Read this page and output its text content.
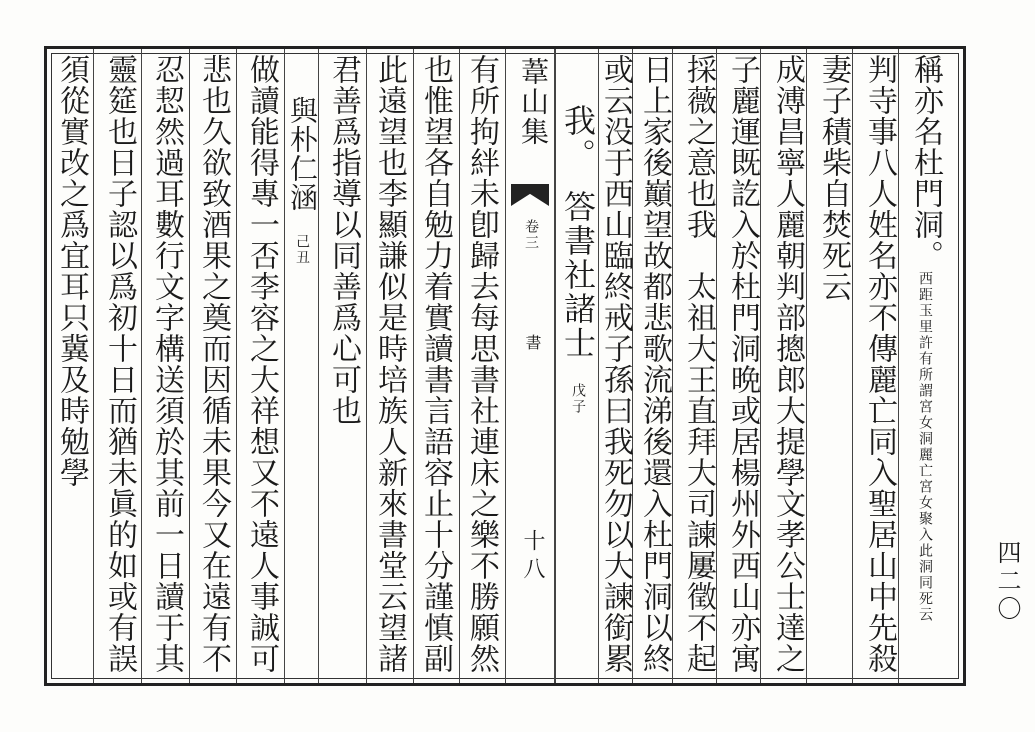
稱亦名杜門洞。西距玉里許有所謂宮女洞麗亡宮女聚入此洞同死云
判寺事八人姓名亦不傳麗亡同入聖居山中先殺
妻子積柴自焚死云
成溥昌寧人麗朝判部摠郎大提學文孝公士達之
子麗運既訖入於杜門洞晩或居楊州外西山亦寓
採薇之意也我　太祖大王直拜大司諫屢徵不起
日上家後巔望故都悲歌流涕後還入杜門洞以終
或云没于西山臨終戒子孫曰我死勿以大諫銜累
我。　答書社諸士 戊子
葦山集
卷三
書
十八
有所拘絆未卽歸去每思書社連床之樂不勝願然
也惟望各自勉力着實讀書言語容止十分謹慎副
此遠望也李顯謙似是時培族人新來書堂云望諸
君善爲指導以同善爲心可也
與朴仁涵 己丑
做讀能得專一否李容之大祥想又不遠人事誠可
悲也久欲致酒果之奠而因循未果今又在遠有不
忍恝然過耳數行文字構送須於其前一日讀于其
靈筵也日子認以爲初十日而猶未眞的如或有誤
須從實改之爲宜耳只冀及時勉學
四二〇
